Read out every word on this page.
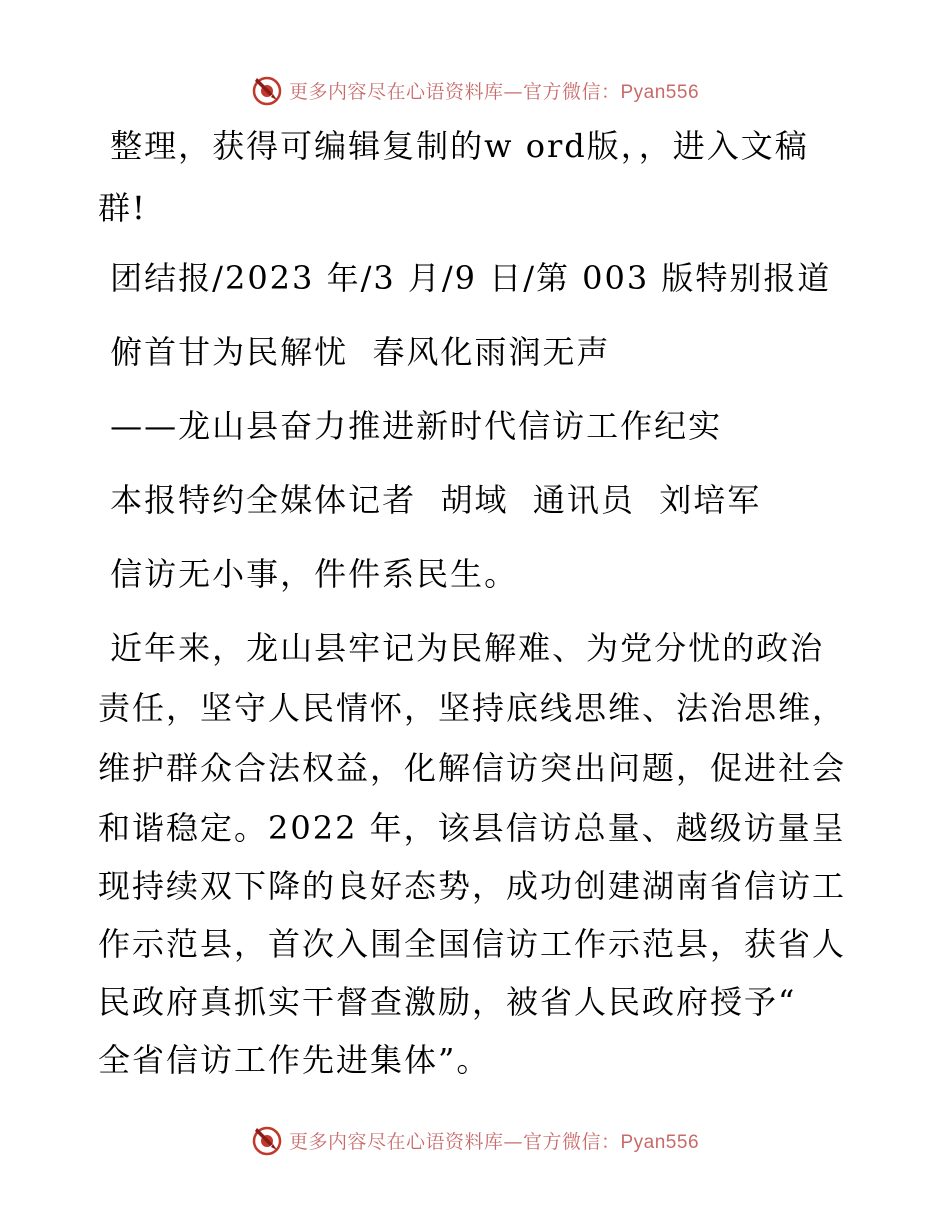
更多内容尽在心语资料库—官方微信：Pyan556

整理，获得可编辑复制的w ord版，，进入文稿

群!

团结报/2023 年/3 月/9 日/第 003 版特别报道

俯首甘为民解忧  春风化雨润无声

——龙山县奋力推进新时代信访工作纪实

本报特约全媒体记者  胡域  通讯员  刘培军

信访无小事，件件系民生。

近年来，龙山县牢记为民解难、为党分忧的政治

责任，坚守人民情怀，坚持底线思维、法治思维，

维护群众合法权益，化解信访突出问题，促进社会

和谐稳定。2022 年，该县信访总量、越级访量呈

现持续双下降的良好态势，成功创建湖南省信访工

作示范县，首次入围全国信访工作示范县，获省人

民政府真抓实干督查激励，被省人民政府授予“

全省信访工作先进集体”。

更多内容尽在心语资料库—官方微信：Pyan556
